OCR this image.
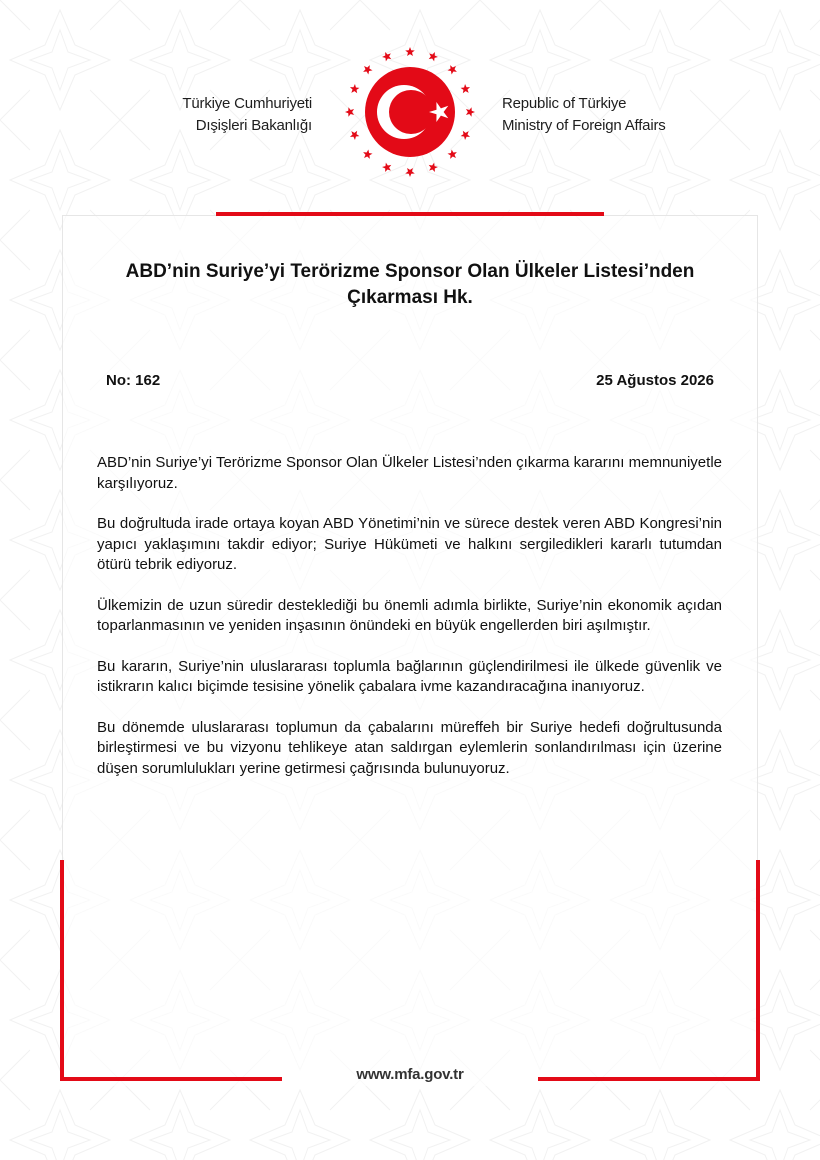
Türkiye Cumhuriyeti
Dışişleri Bakanlığı
Republic of Türkiye
Ministry of Foreign Affairs
ABD’nin Suriye’yi Terörizme Sponsor Olan Ülkeler Listesi’nden
Çıkarması Hk.
No: 162	25 Ağustos 2026

ABD’nin Suriye’yi Terörizme Sponsor Olan Ülkeler Listesi’nden çıkarma kararını memnuniyetle karşılıyoruz.

Bu doğrultuda irade ortaya koyan ABD Yönetimi’nin ve sürece destek veren ABD Kongresi’nin yapıcı yaklaşımını takdir ediyor; Suriye Hükümeti ve halkını sergiledikleri kararlı tutumdan ötürü tebrik ediyoruz.

Ülkemizin de uzun süredir desteklediği bu önemli adımla birlikte, Suriye’nin ekonomik açıdan toparlanmasının ve yeniden inşasının önündeki en büyük engellerden biri aşılmıştır.

Bu kararın, Suriye’nin uluslararası toplumla bağlarının güçlendirilmesi ile ülkede güvenlik ve istikrarın kalıcı biçimde tesisine yönelik çabalara ivme kazandıracağına inanıyoruz.

Bu dönemde uluslararası toplumun da çabalarını müreffeh bir Suriye hedefi doğrultusunda birleştirmesi ve bu vizyonu tehlikeye atan saldırgan eylemlerin sonlandırılması için üzerine düşen sorumlulukları yerine getirmesi çağrısında bulunuyoruz.

www.mfa.gov.tr
